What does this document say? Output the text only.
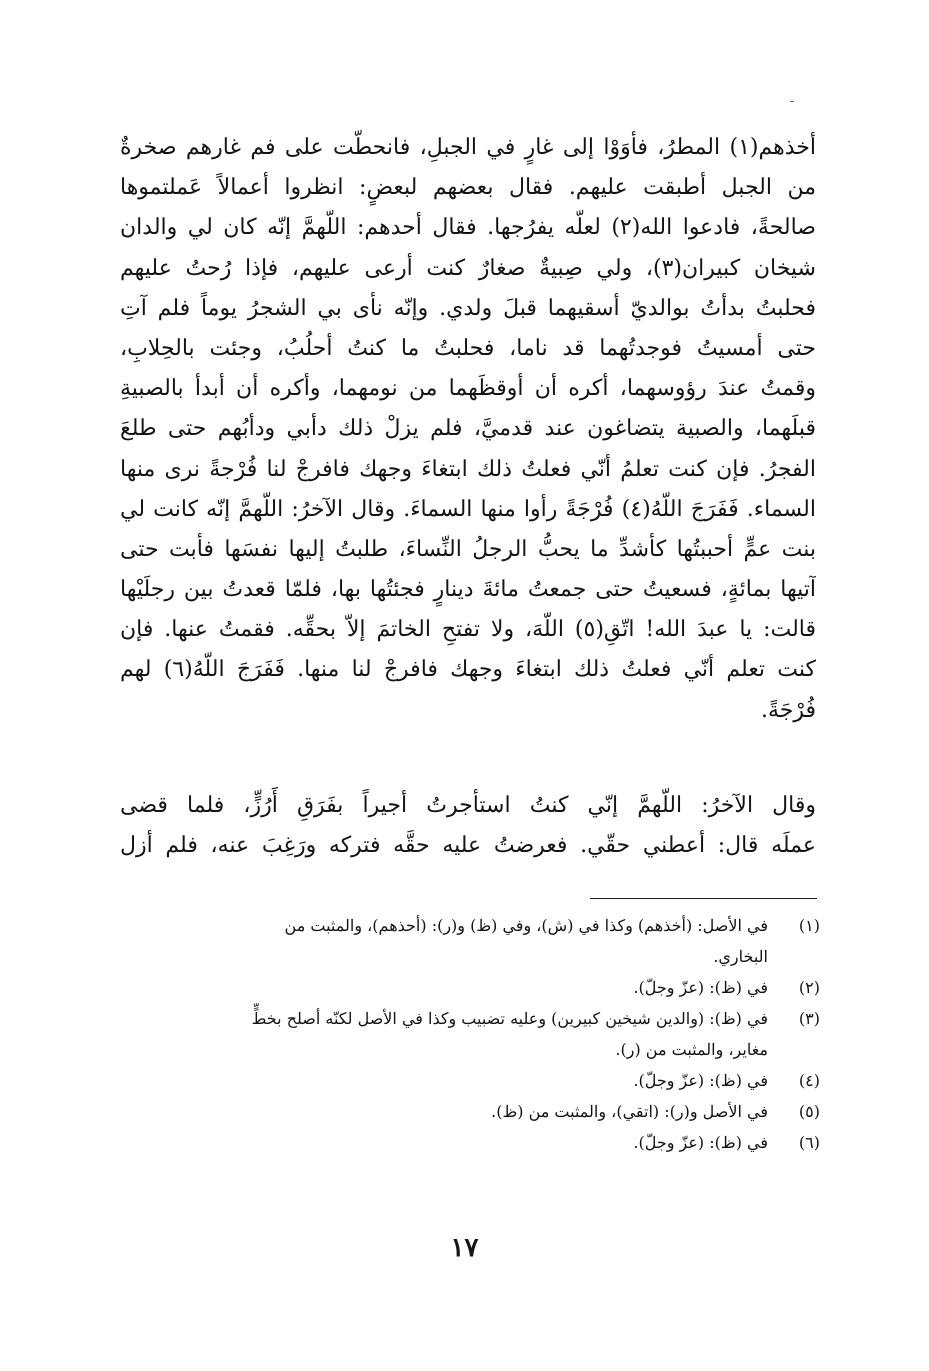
أخذهم(١) المطرُ، فأوَوْا إلى غارٍ في الجبلِ، فانحطّت على فم غارهم صخرةٌ
من الجبل أطبقت عليهم. فقال بعضهم لبعضٍ: انظروا أعمالاً عَملتموها
صالحةً، فادعوا الله(٢) لعلّه يفرُجها. فقال أحدهم: اللّهمَّ إنّه كان لي والدان
شيخان كبيران(٣)، ولي صِبيةٌ صغارٌ كنت أرعى عليهم، فإذا رُحتُ عليهم
فحلبتُ بدأتُ بوالديّ أسقيهما قبلَ ولدي. وإنّه نأى بي الشجرُ يوماً فلم آتِ
حتى أمسيتُ فوجدتُهما قد ناما، فحلبتُ ما كنتُ أحلُبُ، وجئت بالحِلابِ،
وقمتُ عندَ رؤوسهما، أكره أن أوقظَهما من نومهما، وأكره أن أبدأ بالصبيةِ
قبلَهما، والصبية يتضاغون عند قدميَّ، فلم يزلْ ذلك دأبي ودأبُهم حتى طلعَ
الفجرُ. فإن كنت تعلمُ أنّي فعلتُ ذلك ابتغاءَ وجهك فافرجْ لنا فُرْجةً نرى منها
السماء. فَفَرَجَ اللّهُ(٤) فُرْجَةً رأوا منها السماءَ. وقال الآخرُ: اللّهمَّ إنّه كانت لي
بنت عمٍّ أحببتُها كأشدِّ ما يحبُّ الرجلُ النِّساءَ، طلبتُ إليها نفسَها فأبت حتى
آتيها بمائةٍ، فسعيتُ حتى جمعتُ مائةَ دينارٍ فجئتُها بها، فلمّا قعدتُ بين رجلَيْها
قالت: يا عبدَ الله! اتّقِ(٥) اللّهَ، ولا تفتحِ الخاتمَ إلاّ بحقِّه. فقمتُ عنها. فإن
كنت تعلم أنّي فعلتُ ذلك ابتغاءَ وجهك فافرجْ لنا منها. فَفَرَجَ اللّهُ(٦) لهم
فُرْجَةً.
وقال الآخرُ: اللّهمَّ إنّي كنتُ استأجرتُ أجيراً بفَرَقِ أَرُزٍّ، فلما قضى
عملَه قال: أعطني حقّي. فعرضتُ عليه حقَّه فتركه ورَغِبَ عنه، فلم أزل
(١)
في الأصل: (أخذهم) وكذا في (ش)، وفي (ظ) و(ر): (أحذهم)، والمثبت من
البخاري.
(٢)
في (ظ): (عزّ وجلّ).
(٣)
في (ظ): (والدين شيخين كبيرين) وعليه تضبيب وكذا في الأصل لكنّه أصلح بخطٍّ
مغاير، والمثبت من (ر).
(٤)
في (ظ): (عزّ وجلّ).
(٥)
في الأصل و(ر): (اتقي)، والمثبت من (ظ).
(٦)
في (ظ): (عزّ وجلّ).
١٧
